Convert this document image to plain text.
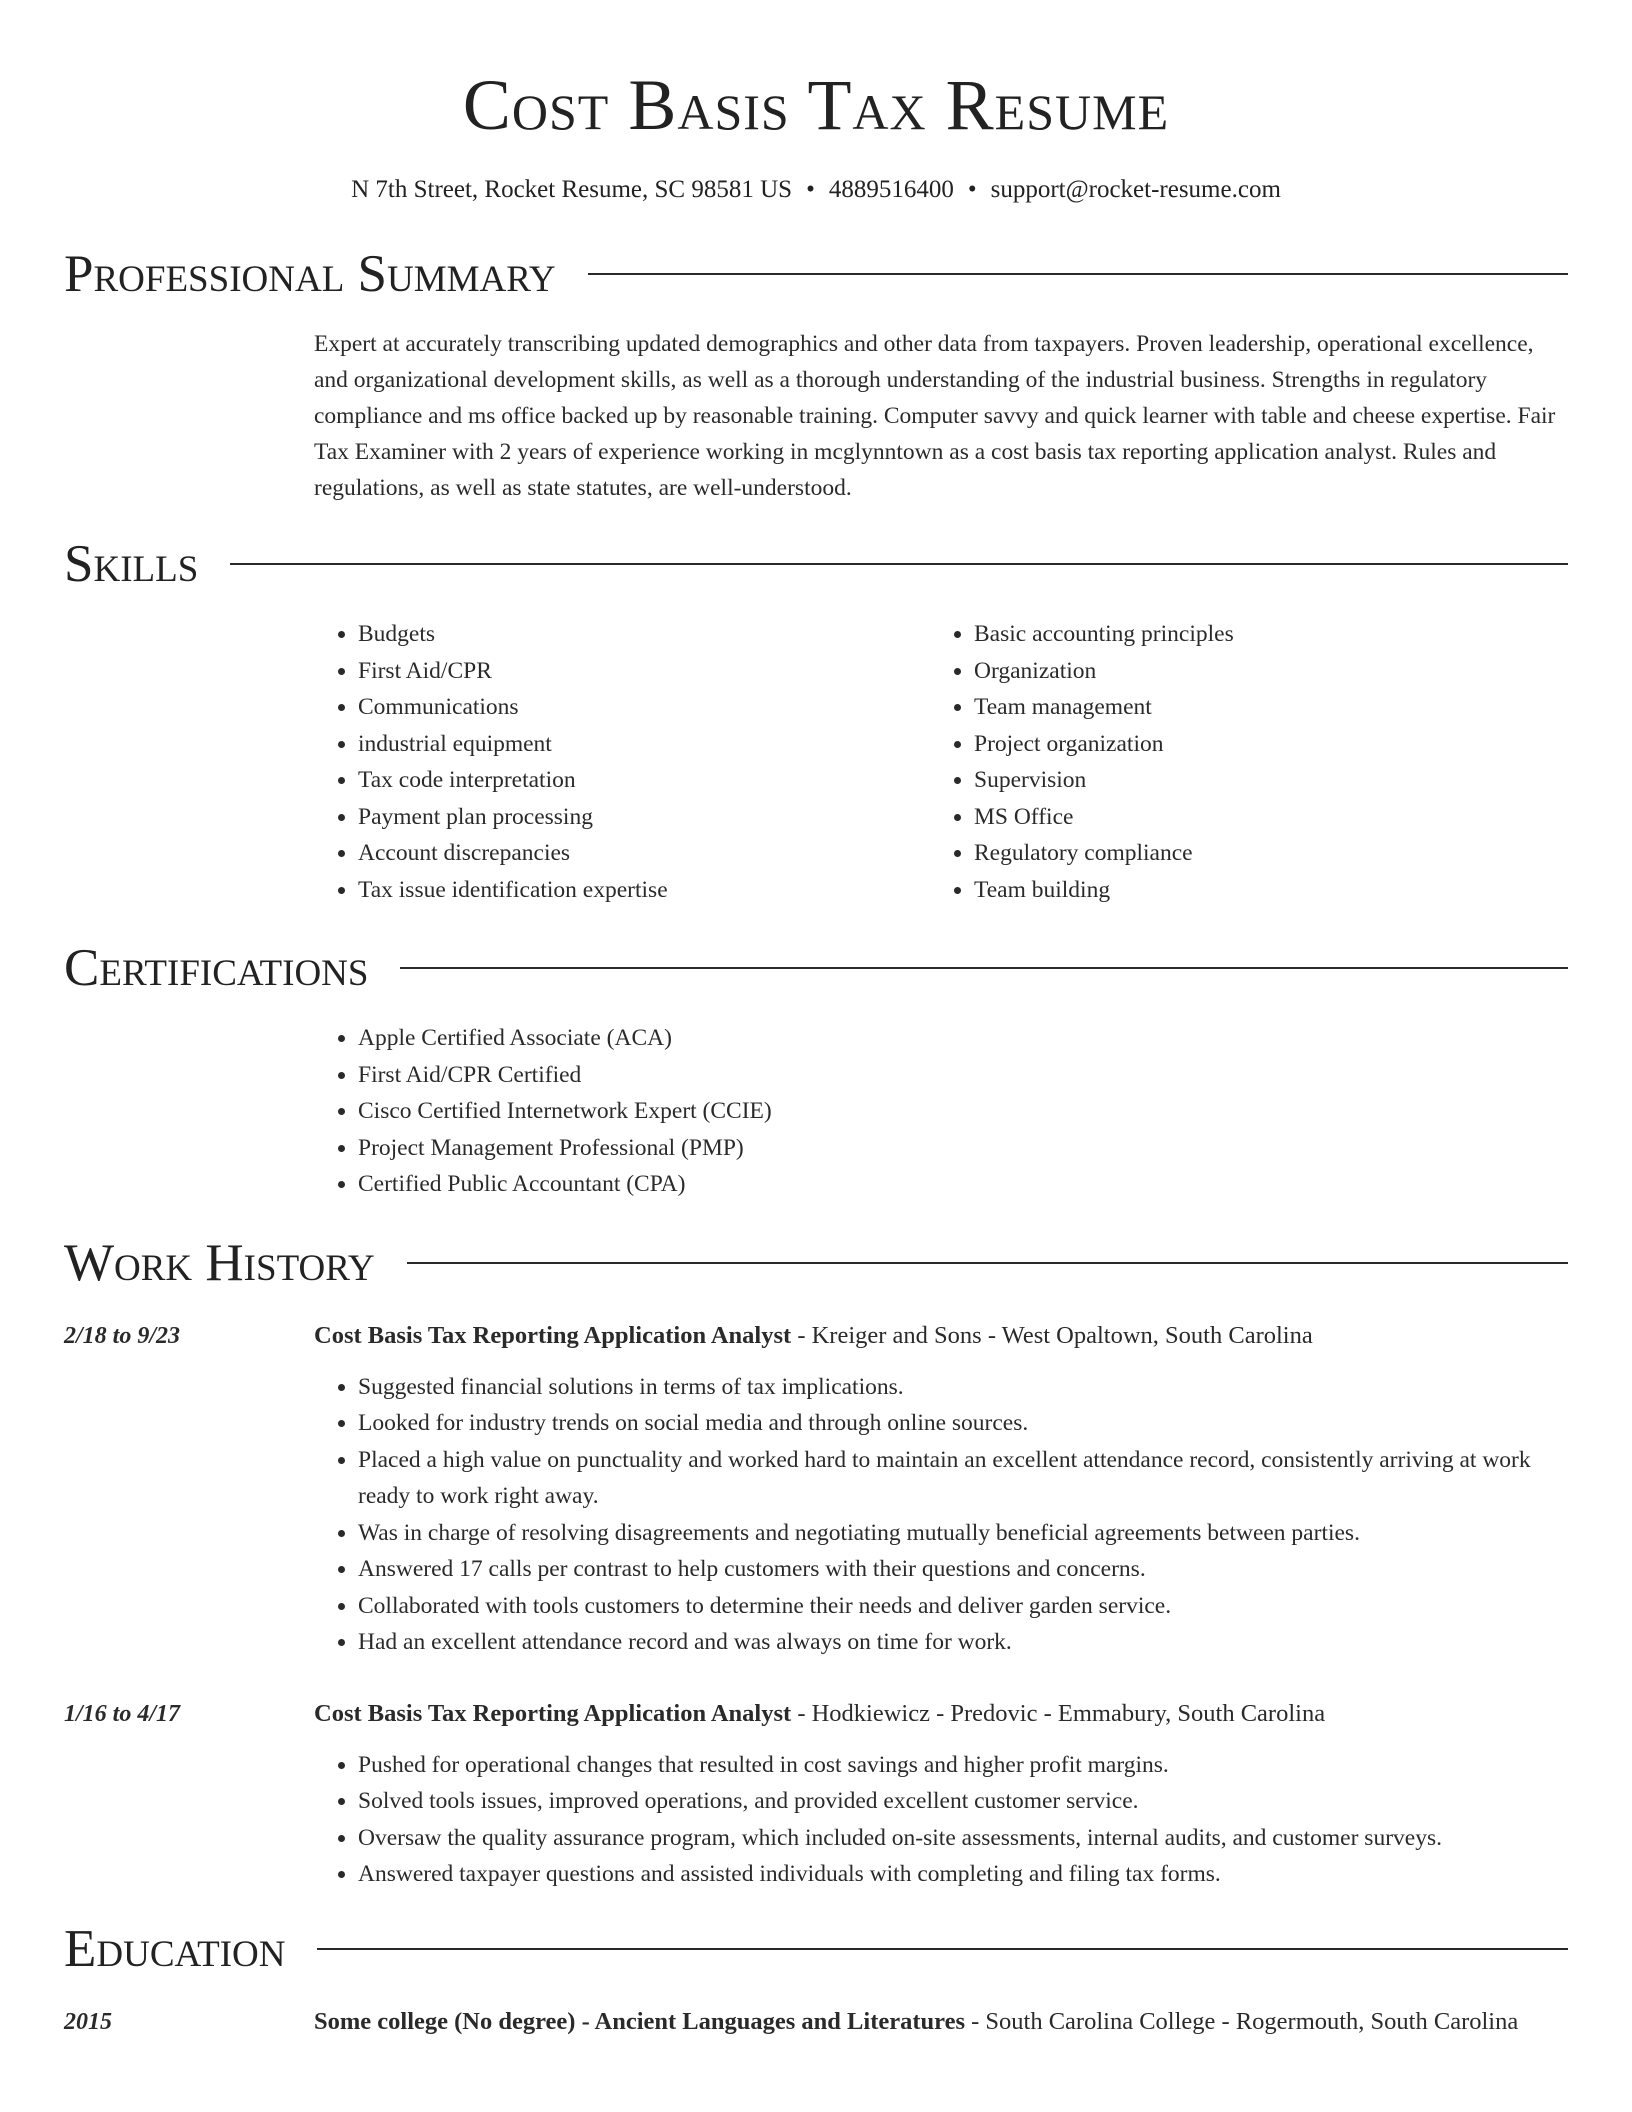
Cost Basis Tax Resume
N 7th Street, Rocket Resume, SC 98581 US • 4889516400 • support@rocket-resume.com
Professional Summary
Expert at accurately transcribing updated demographics and other data from taxpayers. Proven leadership, operational excellence, and organizational development skills, as well as a thorough understanding of the industrial business. Strengths in regulatory compliance and ms office backed up by reasonable training. Computer savvy and quick learner with table and cheese expertise. Fair Tax Examiner with 2 years of experience working in mcglynntown as a cost basis tax reporting application analyst. Rules and regulations, as well as state statutes, are well-understood.
Skills
• Budgets
• First Aid/CPR
• Communications
• industrial equipment
• Tax code interpretation
• Payment plan processing
• Account discrepancies
• Tax issue identification expertise
• Basic accounting principles
• Organization
• Team management
• Project organization
• Supervision
• MS Office
• Regulatory compliance
• Team building
Certifications
• Apple Certified Associate (ACA)
• First Aid/CPR Certified
• Cisco Certified Internetwork Expert (CCIE)
• Project Management Professional (PMP)
• Certified Public Accountant (CPA)
Work History
2/18 to 9/23	Cost Basis Tax Reporting Application Analyst - Kreiger and Sons - West Opaltown, South Carolina
• Suggested financial solutions in terms of tax implications.
• Looked for industry trends on social media and through online sources.
• Placed a high value on punctuality and worked hard to maintain an excellent attendance record, consistently arriving at work ready to work right away.
• Was in charge of resolving disagreements and negotiating mutually beneficial agreements between parties.
• Answered 17 calls per contrast to help customers with their questions and concerns.
• Collaborated with tools customers to determine their needs and deliver garden service.
• Had an excellent attendance record and was always on time for work.
1/16 to 4/17	Cost Basis Tax Reporting Application Analyst - Hodkiewicz - Predovic - Emmabury, South Carolina
• Pushed for operational changes that resulted in cost savings and higher profit margins.
• Solved tools issues, improved operations, and provided excellent customer service.
• Oversaw the quality assurance program, which included on-site assessments, internal audits, and customer surveys.
• Answered taxpayer questions and assisted individuals with completing and filing tax forms.
Education
2015	Some college (No degree) - Ancient Languages and Literatures - South Carolina College - Rogermouth, South Carolina
